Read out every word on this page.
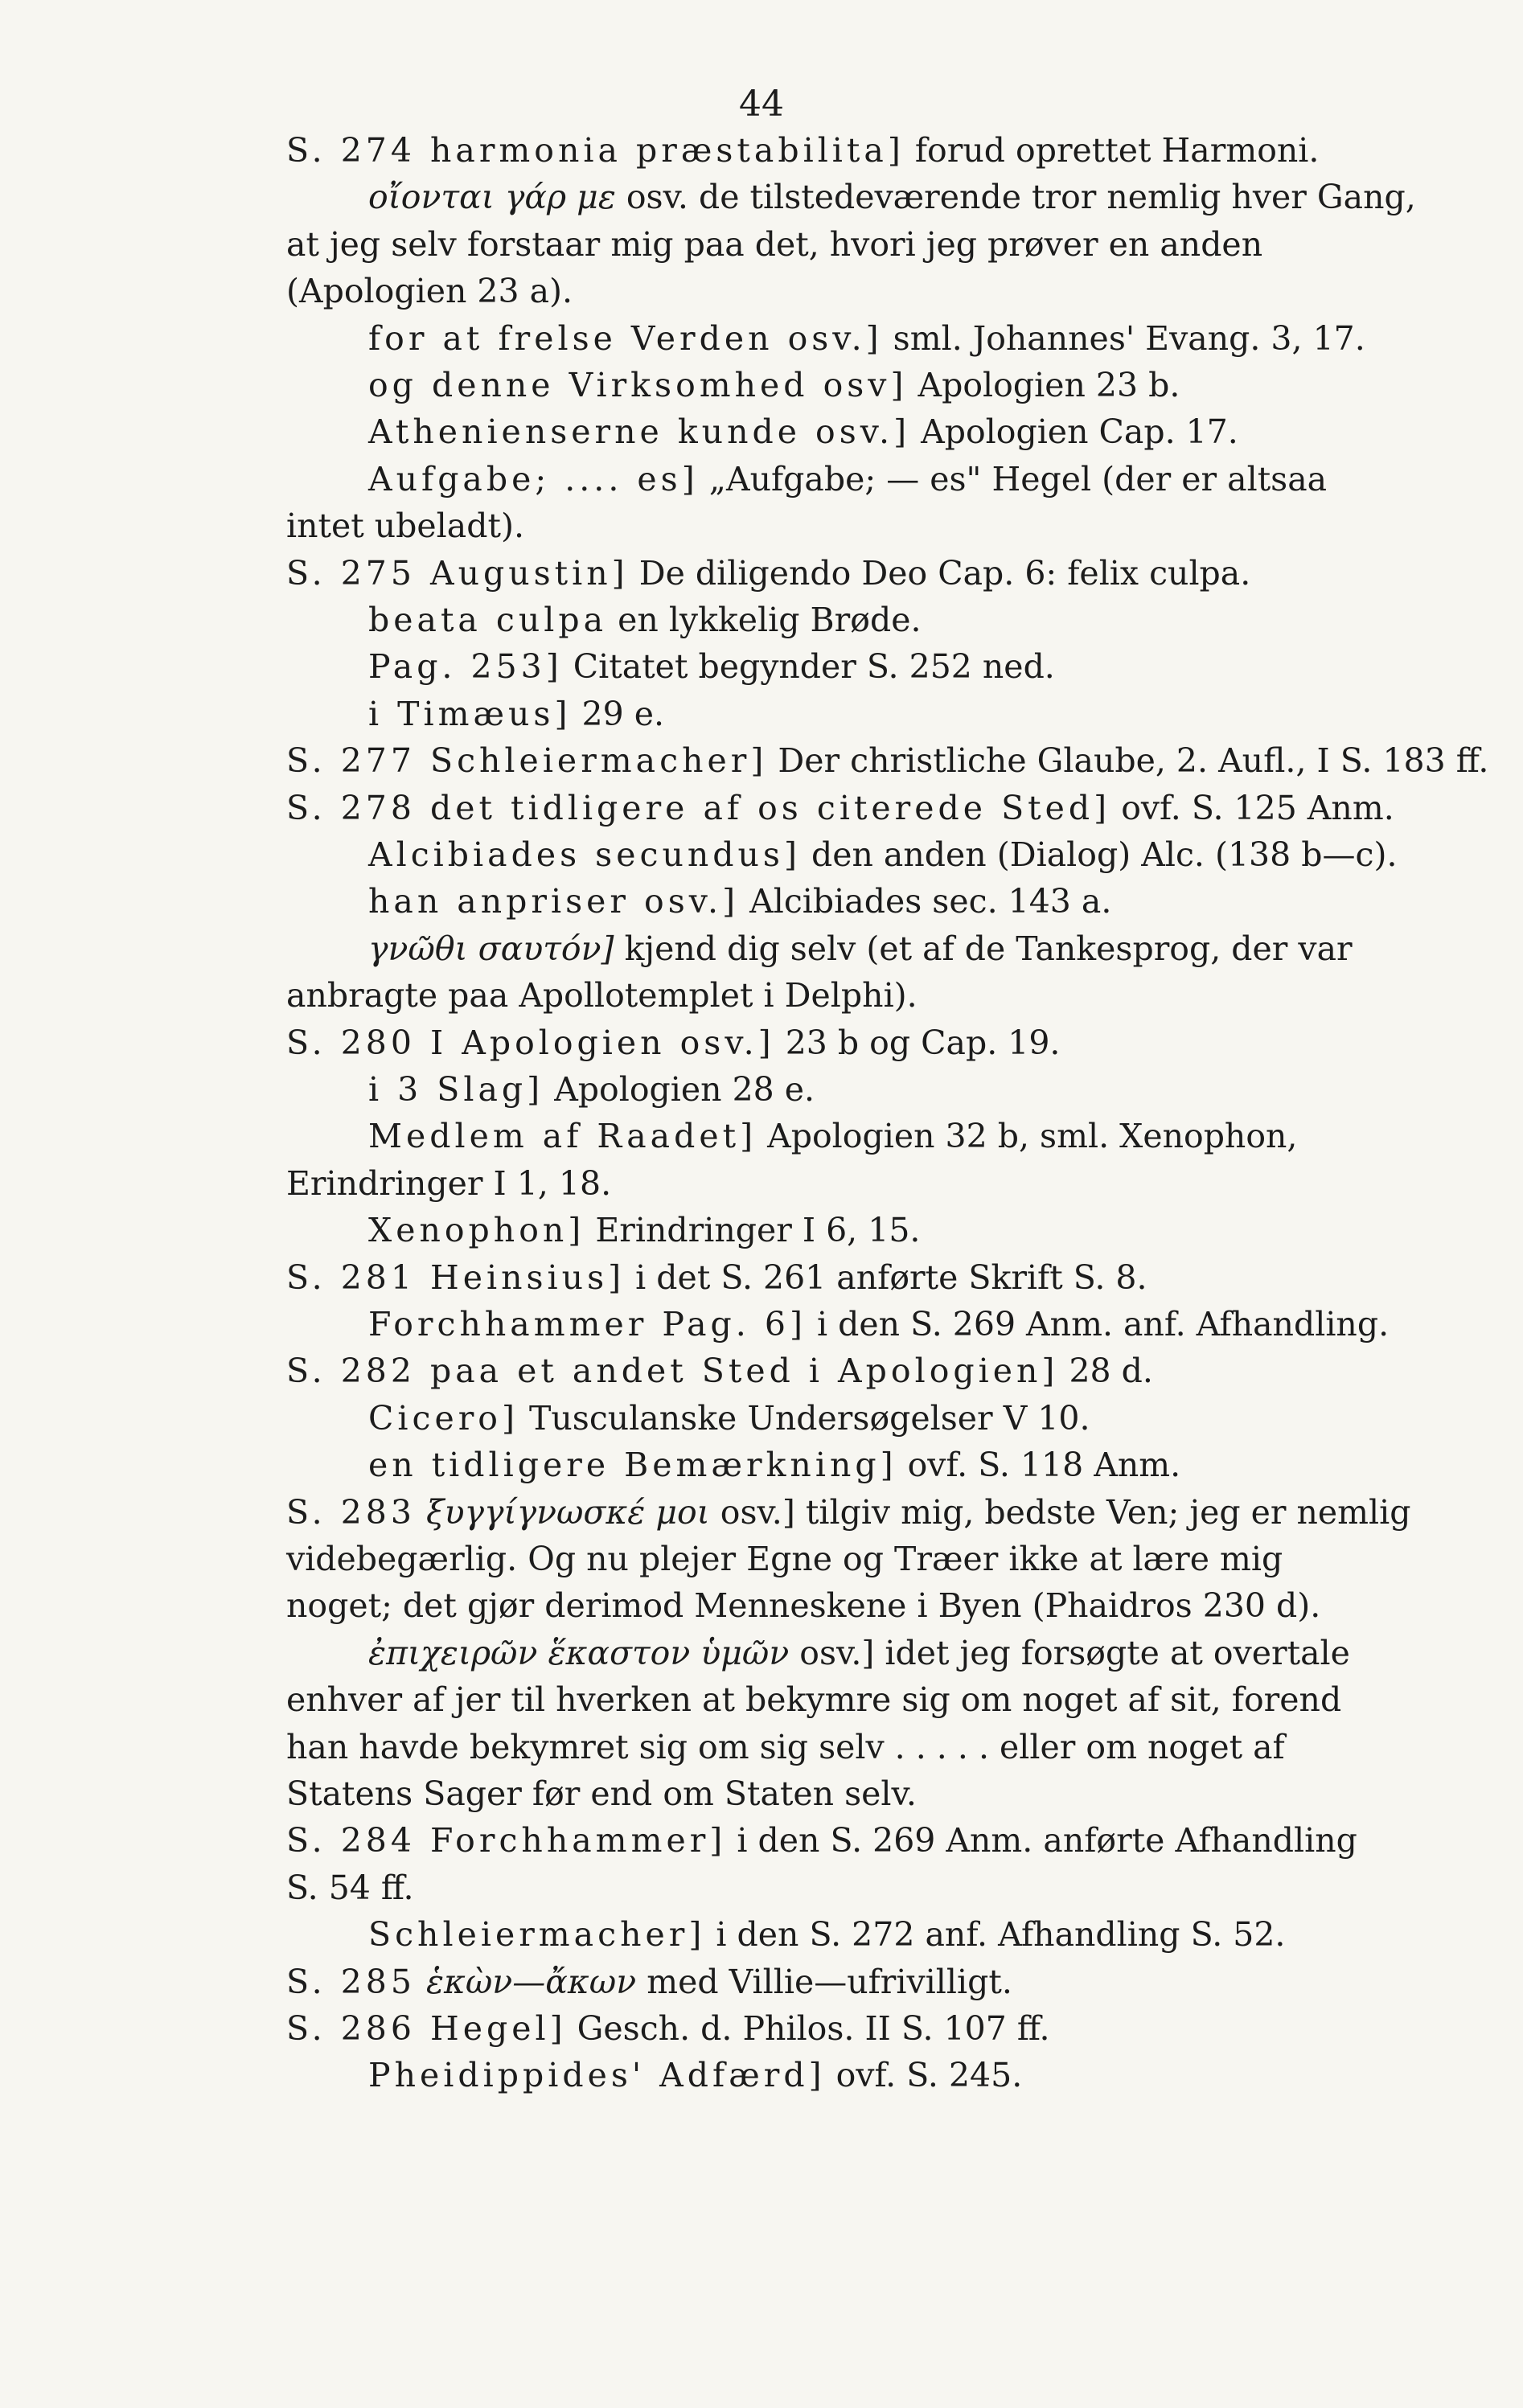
44
S. 274 harmonia præstabilita] forud oprettet Harmoni.
οἴονται γάρ με osv. de tilstedeværende tror nemlig hver Gang,
at jeg selv forstaar mig paa det, hvori jeg prøver en anden
(Apologien 23 a).
for at frelse Verden osv.] sml. Johannes' Evang. 3, 17.
og denne Virksomhed osv] Apologien 23 b.
Athenienserne kunde osv.] Apologien Cap. 17.
Aufgabe; .... es] „Aufgabe; — es" Hegel (der er altsaa
intet ubeladt).
S. 275 Augustin] De diligendo Deo Cap. 6: felix culpa.
beata culpa en lykkelig Brøde.
Pag. 253] Citatet begynder S. 252 ned.
i Timæus] 29 e.
S. 277 Schleiermacher] Der christliche Glaube, 2. Aufl., I S. 183 ff.
S. 278 det tidligere af os citerede Sted] ovf. S. 125 Anm.
Alcibiades secundus] den anden (Dialog) Alc. (138 b—c).
han anpriser osv.] Alcibiades sec. 143 a.
γνῶθι σαυτόν] kjend dig selv (et af de Tankesprog, der var
anbragte paa Apollotemplet i Delphi).
S. 280 I Apologien osv.] 23 b og Cap. 19.
i 3 Slag] Apologien 28 e.
Medlem af Raadet] Apologien 32 b, sml. Xenophon,
Erindringer I 1, 18.
Xenophon] Erindringer I 6, 15.
S. 281 Heinsius] i det S. 261 anførte Skrift S. 8.
Forchhammer Pag. 6] i den S. 269 Anm. anf. Afhandling.
S. 282 paa et andet Sted i Apologien] 28 d.
Cicero] Tusculanske Undersøgelser V 10.
en tidligere Bemærkning] ovf. S. 118 Anm.
S. 283 ξυγγίγνωσκέ μοι osv.] tilgiv mig, bedste Ven; jeg er nemlig
videbegærlig. Og nu plejer Egne og Træer ikke at lære mig
noget; det gjør derimod Menneskene i Byen (Phaidros 230 d).
ἐπιχειρῶν ἕκαστον ὑμῶν osv.] idet jeg forsøgte at overtale
enhver af jer til hverken at bekymre sig om noget af sit, forend
han havde bekymret sig om sig selv . . . . . eller om noget af
Statens Sager før end om Staten selv.
S. 284 Forchhammer] i den S. 269 Anm. anførte Afhandling
S. 54 ff.
Schleiermacher] i den S. 272 anf. Afhandling S. 52.
S. 285 ἑκὼν—ἄκων med Villie—ufrivilligt.
S. 286 Hegel] Gesch. d. Philos. II S. 107 ff.
Pheidippides' Adfærd] ovf. S. 245.
